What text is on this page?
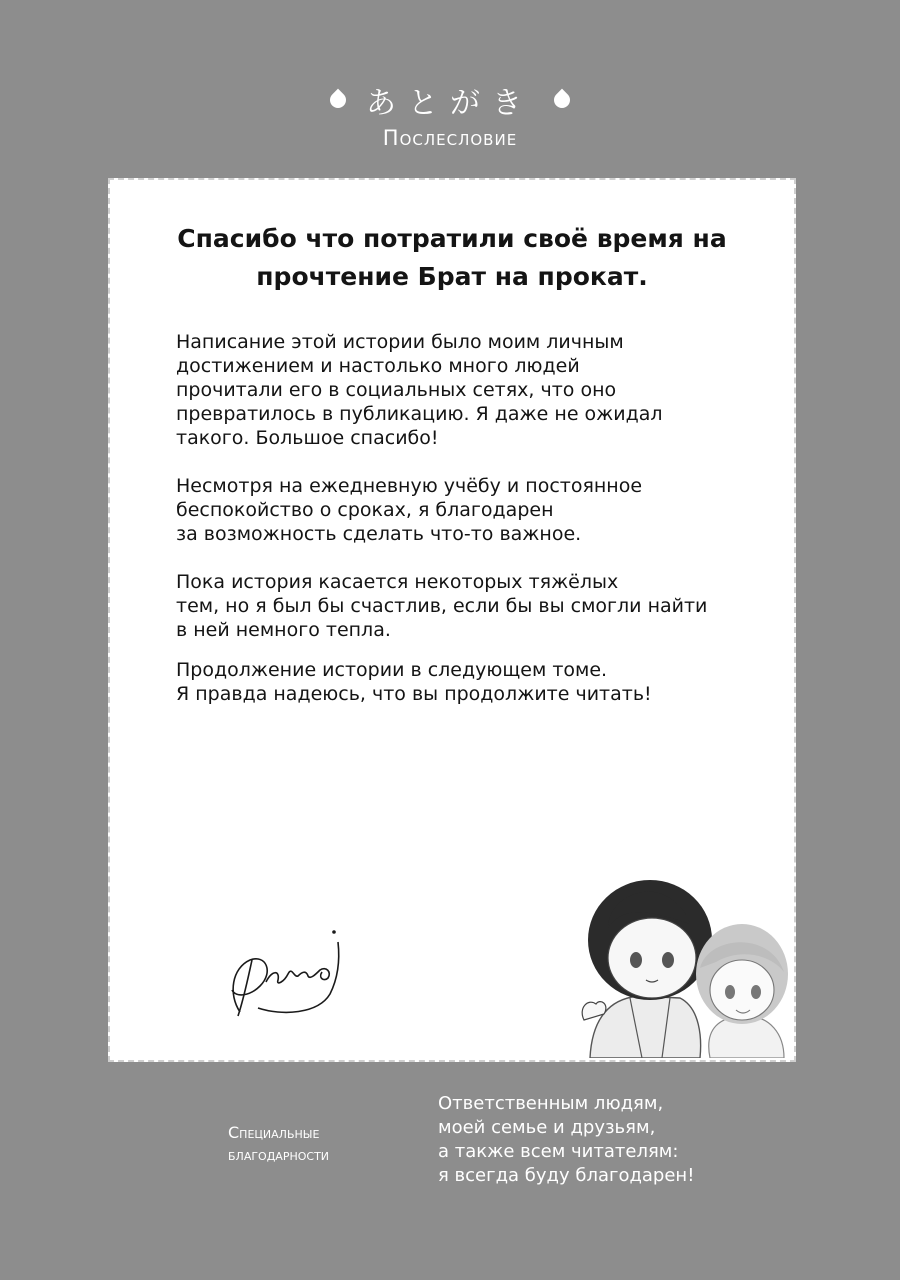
あとがき
Послесловие
Спасибо что потратили своё время на
прочтение Брат на прокат.
Написание этой истории было моим личным
достижением и настолько много людей
прочитали его в социальных сетях, что оно
превратилось в публикацию. Я даже не ожидал
такого. Большое спасибо!
Несмотря на ежедневную учёбу и постоянное
беспокойство о сроках, я благодарен
за возможность сделать что-то важное.
Пока история касается некоторых тяжёлых
тем, но я был бы счастлив, если бы вы смогли найти
в ней немного тепла.
Продолжение истории в следующем томе.
Я правда надеюсь, что вы продолжите читать!
Специальные
благодарности
Ответственным людям,
моей семье и друзьям,
а также всем читателям:
я всегда буду благодарен!
